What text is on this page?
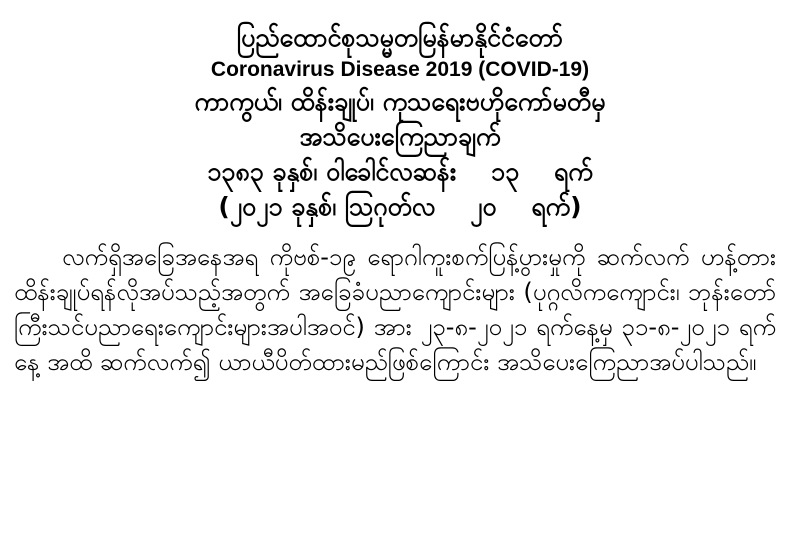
ပြည်ထောင်စုသမ္မတမြန်မာနိုင်ငံတော်
Coronavirus Disease 2019 (COVID-19)
ကာကွယ်၊ ထိန်းချုပ်၊ ကုသရေးဗဟိုကော်မတီမှ
အသိပေးကြေညာချက်
၁၃၈၃ ခုနှစ်၊ ဝါခေါင်လဆန်း    ၁၃    ရက်
(၂၀၂၁ ခုနှစ်၊ သြဂုတ်လ    ၂၀    ရက်)

လက်ရှိအခြေအနေအရ ကိုဗစ်-၁၉ ရောဂါကူးစက်ပြန့်ပွားမှုကို ဆက်လက် ဟန့်တား ထိန်းချုပ်ရန်လိုအပ်သည့်အတွက် အခြေခံပညာကျောင်းများ (ပုဂ္ဂလိကကျောင်း၊ ဘုန်းတော်ကြီးသင်ပညာရေးကျောင်းများအပါအဝင်) အား ၂၃-၈-၂၀၂၁ ရက်နေ့မှ ၃၁-၈-၂၀၂၁ ရက်နေ့ အထိ ဆက်လက်၍ ယာယီပိတ်ထားမည်ဖြစ်ကြောင်း အသိပေးကြေညာအပ်ပါသည်။
